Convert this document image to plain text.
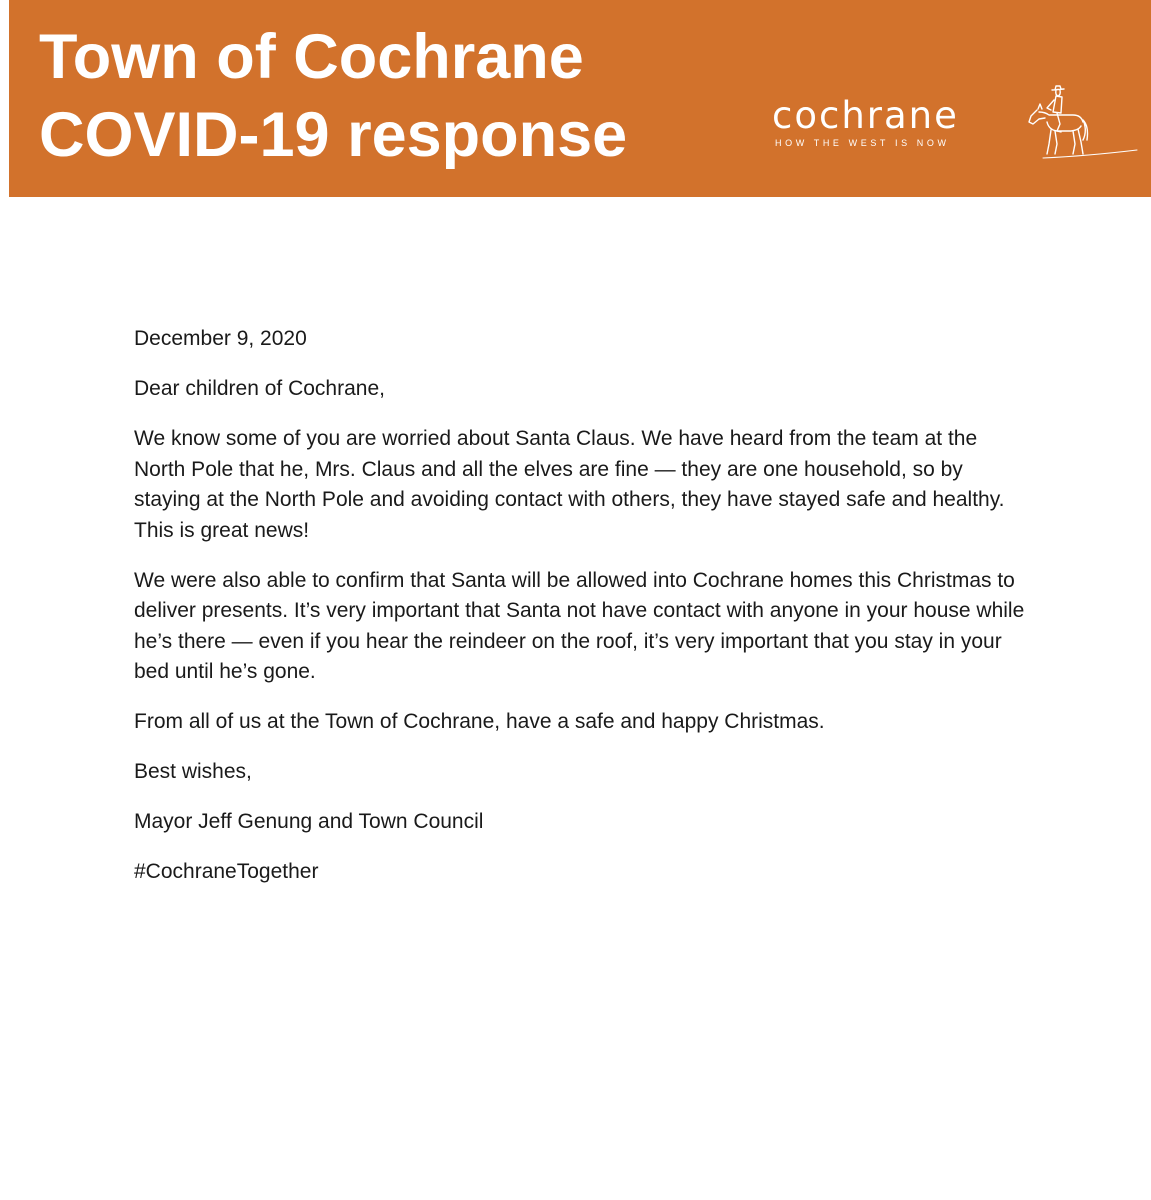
Town of Cochrane
COVID-19 response	cochrane
HOW THE WEST IS NOW

December 9, 2020

Dear children of Cochrane,

We know some of you are worried about Santa Claus. We have heard from the team at the North Pole that he, Mrs. Claus and all the elves are fine — they are one household, so by staying at the North Pole and avoiding contact with others, they have stayed safe and healthy. This is great news!

We were also able to confirm that Santa will be allowed into Cochrane homes this Christmas to deliver presents. It’s very important that Santa not have contact with anyone in your house while he’s there — even if you hear the reindeer on the roof, it’s very important that you stay in your bed until he’s gone.

From all of us at the Town of Cochrane, have a safe and happy Christmas.

Best wishes,

Mayor Jeff Genung and Town Council

#CochraneTogether
